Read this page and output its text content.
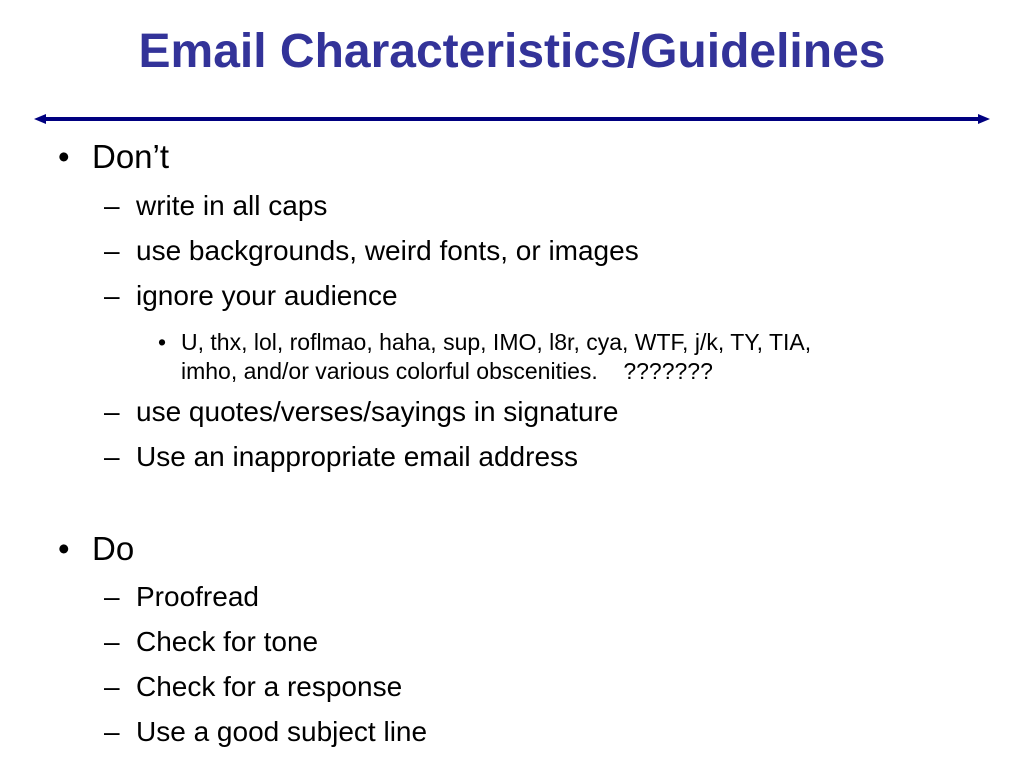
Email Characteristics/Guidelines
• Don’t
– write in all caps
– use backgrounds, weird fonts, or images
– ignore your audience
• U, thx, lol, roflmao, haha, sup, IMO, l8r, cya, WTF, j/k, TY, TIA,
imho, and/or various colorful obscenities.    ???????
– use quotes/verses/sayings in signature
– Use an inappropriate email address
• Do
– Proofread
– Check for tone
– Check for a response
– Use a good subject line
